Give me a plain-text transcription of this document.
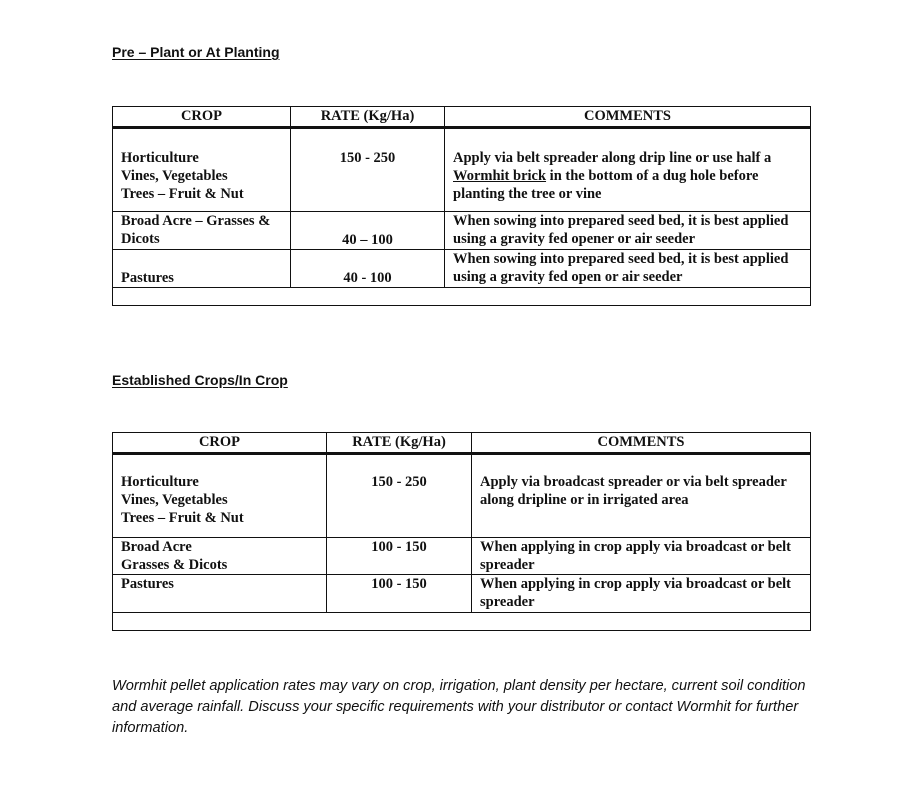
Pre – Plant or At Planting

CROP	RATE (Kg/Ha)	COMMENTS

Horticulture
Vines, Vegetables
Trees – Fruit & Nut	150 - 250	Apply via belt spreader along drip line or use half a Wormhit brick in the bottom of a dug hole before planting the tree or vine

Broad Acre – Grasses &
Dicots	40 – 100	When sowing into prepared seed bed, it is best applied using a gravity fed opener or air seeder

Pastures	40 - 100	When sowing into prepared seed bed, it is best applied using a gravity fed open or air seeder

Established Crops/In Crop

CROP	RATE (Kg/Ha)	COMMENTS

Horticulture
Vines, Vegetables
Trees – Fruit & Nut	150 - 250	Apply via broadcast spreader or via belt spreader along dripline or in irrigated area

Broad Acre
Grasses & Dicots	100 - 150	When applying in crop apply via broadcast or belt spreader

Pastures	100 - 150	When applying in crop apply via broadcast or belt spreader

Wormhit pellet application rates may vary on crop, irrigation, plant density per hectare, current soil condition and average rainfall. Discuss your specific requirements with your distributor or contact Wormhit for further information.
